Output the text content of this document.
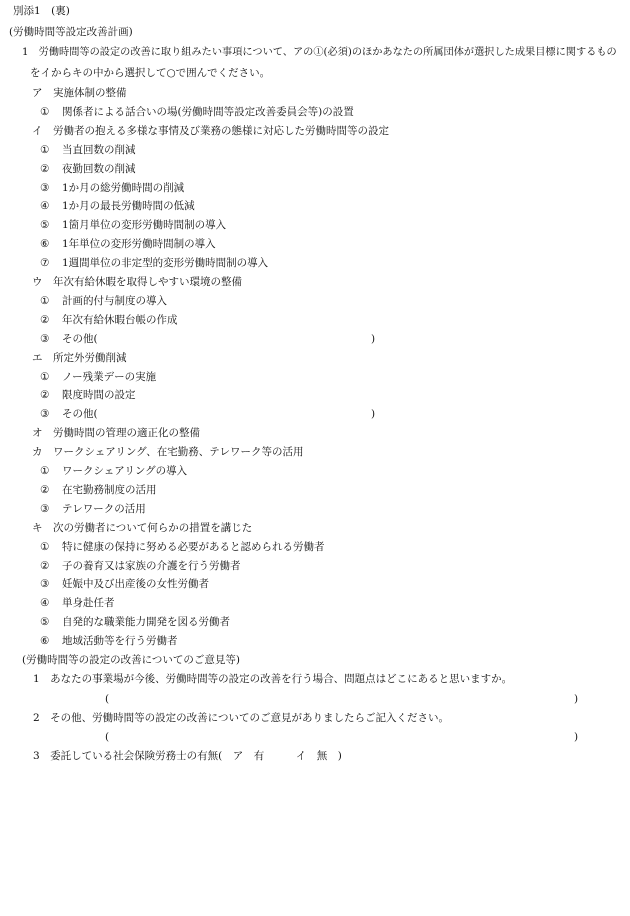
別添1　(裏)
(労働時間等設定改善計画)
1　労働時間等の設定の改善に取り組みたい事項について、アの①(必須)のほかあなたの所属団体が選択した成果目標に関するもの
をイからキの中から選択して○で囲んでください。
ア　実施体制の整備
① 関係者による話合いの場(労働時間等設定改善委員会等)の設置
イ　労働者の抱える多様な事情及び業務の態様に対応した労働時間等の設定
① 当直回数の削減
② 夜勤回数の削減
③ 1か月の総労働時間の削減
④ 1か月の最長労働時間の低減
⑤ 1箇月単位の変形労働時間制の導入
⑥ 1年単位の変形労働時間制の導入
⑦ 1週間単位の非定型的変形労働時間制の導入
ウ　年次有給休暇を取得しやすい環境の整備
① 計画的付与制度の導入
② 年次有給休暇台帳の作成
③ その他(	)
エ　所定外労働削減
① ノー残業デーの実施
② 限度時間の設定
③ その他(	)
オ　労働時間の管理の適正化の整備
カ　ワークシェアリング、在宅勤務、テレワーク等の活用
① ワークシェアリングの導入
② 在宅勤務制度の活用
③ テレワークの活用
キ　次の労働者について何らかの措置を講じた
① 特に健康の保持に努める必要があると認められる労働者
② 子の養育又は家族の介護を行う労働者
③ 妊娠中及び出産後の女性労働者
④ 単身赴任者
⑤ 自発的な職業能力開発を図る労働者
⑥ 地域活動等を行う労働者
(労働時間等の設定の改善についてのご意見等)
1　あなたの事業場が今後、労働時間等の設定の改善を行う場合、問題点はどこにあると思いますか。
(	)
2　その他、労働時間等の設定の改善についてのご意見がありましたらご記入ください。
(	)
3　委託している社会保険労務士の有無(　ア　有　　　イ　無　)
